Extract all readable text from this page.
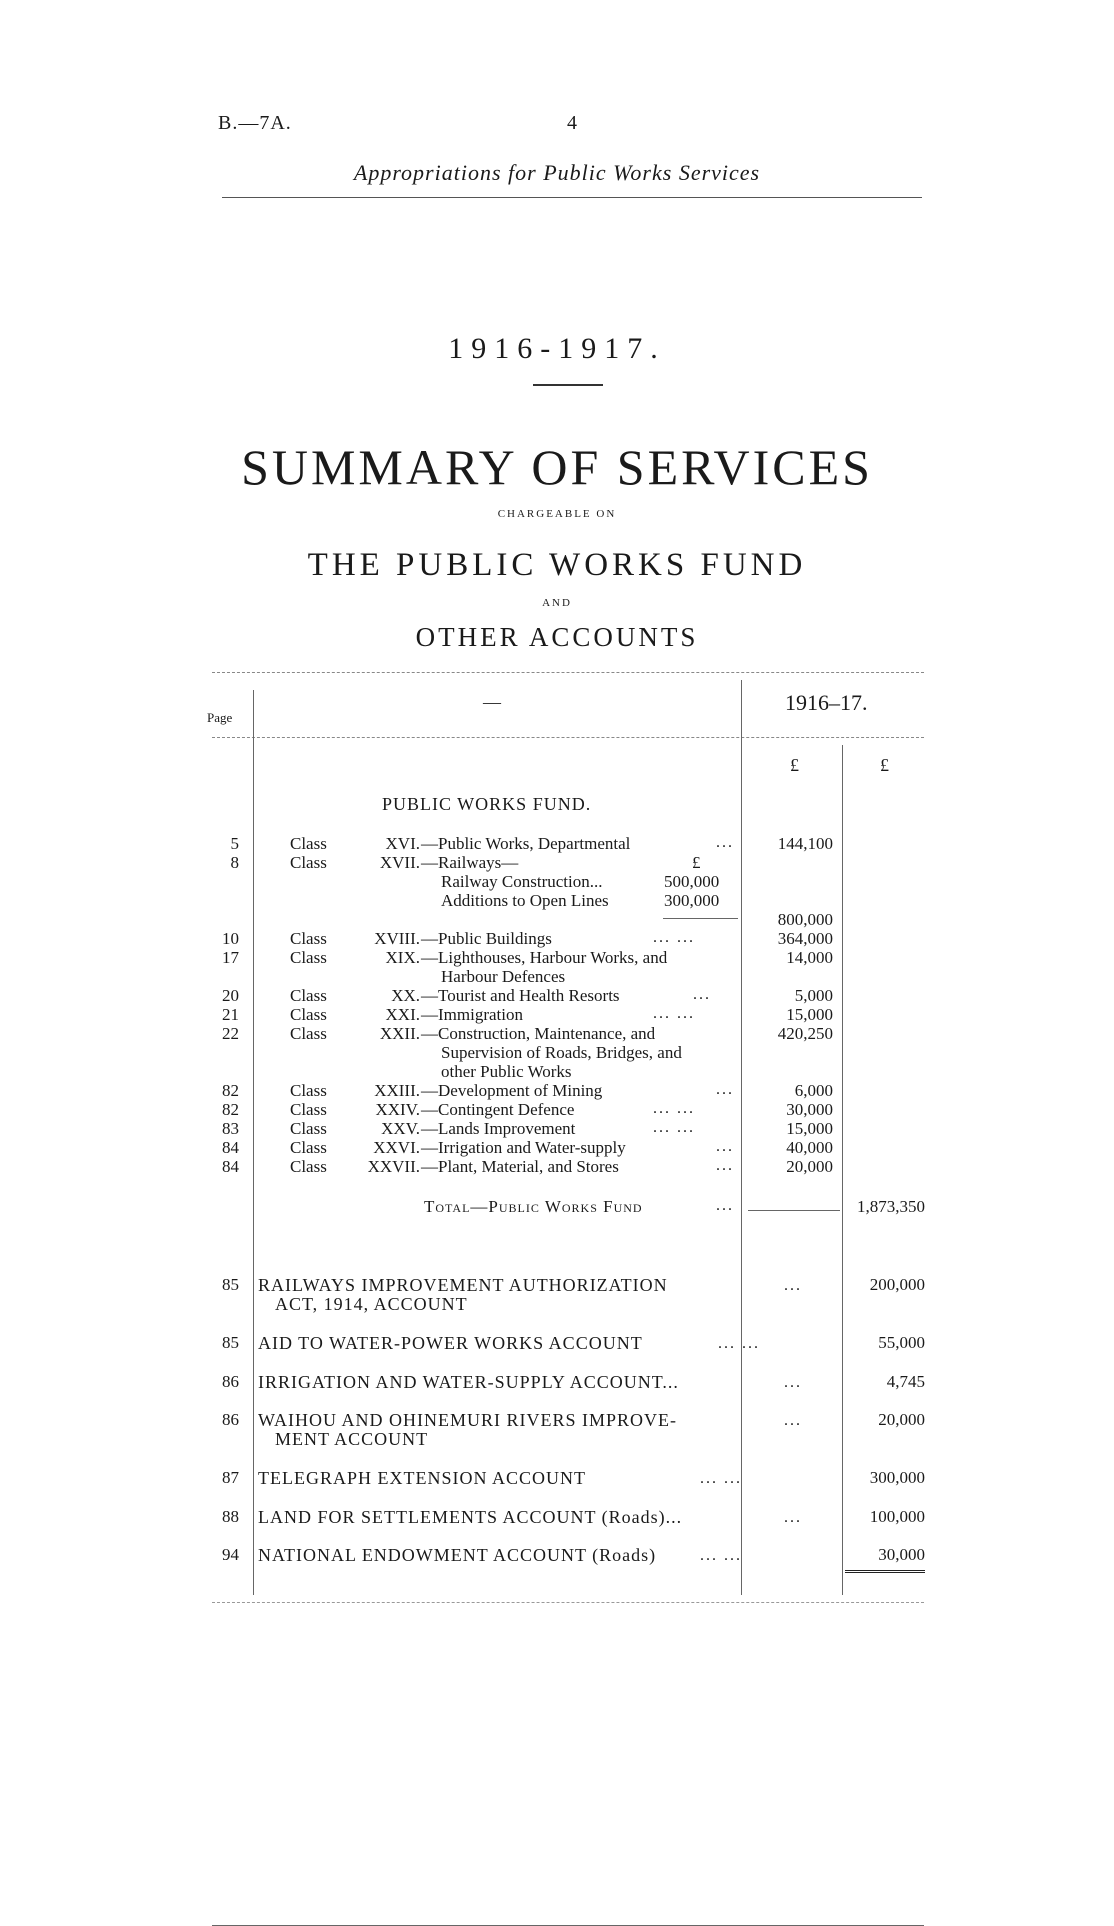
B.—7A.	4
Appropriations for Public Works Services
1916-1917.
SUMMARY OF SERVICES
CHARGEABLE ON
THE PUBLIC WORKS FUND
AND
OTHER ACCOUNTS
Page
—	1916–17.
£	£
PUBLIC WORKS FUND.
5	Class	XVI. —Public Works, Departmental	...	144,100
8	Class	XVII. —Railways—	£
Railway Construction...	500,000
Additions to Open Lines	300,000
800,000
10	Class	XVIII. —Public Buildings	... ...	364,000
17	Class	XIX. —Lighthouses, Harbour Works, and
Harbour Defences
14,000
20	Class	XX. —Tourist and Health Resorts	...	5,000
21	Class	XXI. —Immigration	... ...	15,000
22	Class	XXII. —Construction, Maintenance, and
Supervision of Roads, Bridges, and
other Public Works
420,250
82	Class	XXIII. —Development of Mining	...	6,000
82	Class	XXIV. —Contingent Defence	... ...	30,000
83	Class	XXV. —Lands Improvement	... ...	15,000
84	Class	XXVI. —Irrigation and Water-supply	...	40,000
84	Class	XXVII. —Plant, Material, and Stores	...	20,000
Total—Public Works Fund	...	1,873,350
85 RAILWAYS IMPROVEMENT AUTHORIZATION
ACT, 1914, ACCOUNT
...	200,000
85 AID TO WATER-POWER WORKS ACCOUNT	... ...	55,000
86 IRRIGATION AND WATER-SUPPLY ACCOUNT...	...	4,745
86 WAIHOU AND OHINEMURI RIVERS IMPROVE-
MENT ACCOUNT
...	20,000
87 TELEGRAPH EXTENSION ACCOUNT	... ...	300,000
88 LAND FOR SETTLEMENTS ACCOUNT (Roads)...	...	100,000
94 NATIONAL ENDOWMENT ACCOUNT (Roads)	... ...	30,000
